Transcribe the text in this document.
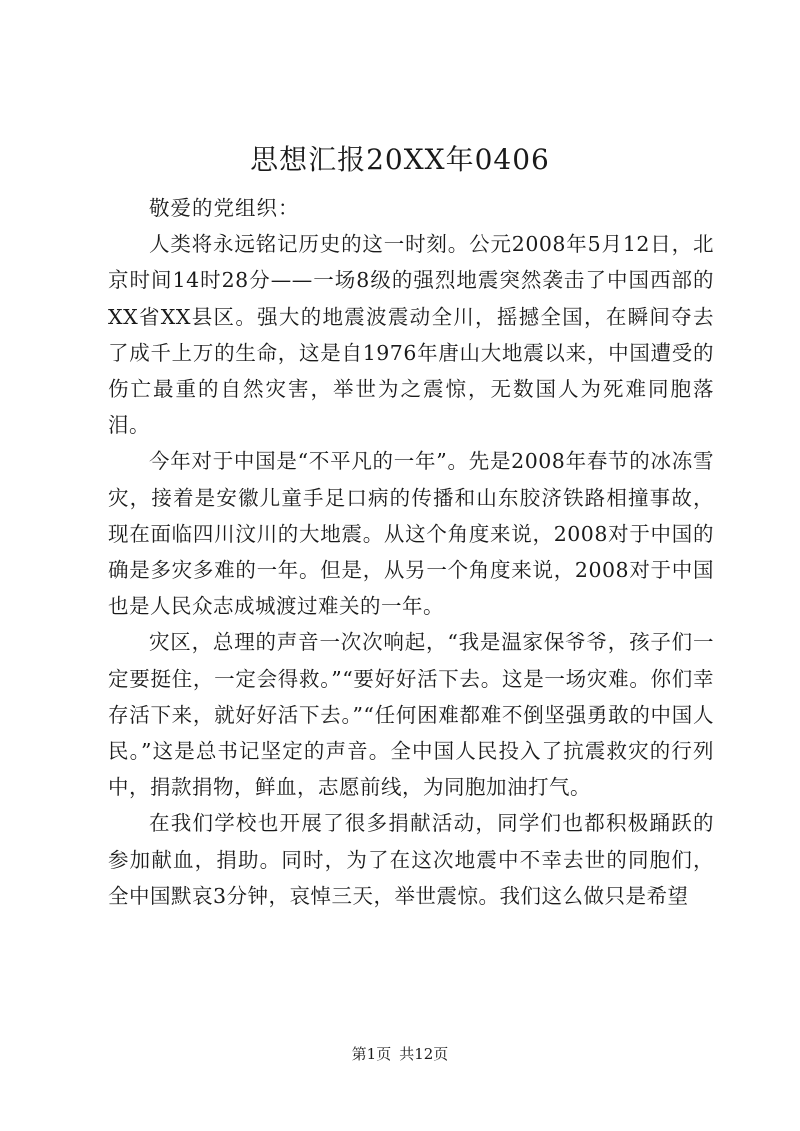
思想汇报20XX年0406

敬爱的党组织：

人类将永远铭记历史的这一时刻。公元2008年5月12日，北京时间14时28分——一场8级的强烈地震突然袭击了中国西部的XX省XX县区。强大的地震波震动全川，摇撼全国，在瞬间夺去了成千上万的生命，这是自1976年唐山大地震以来，中国遭受的伤亡最重的自然灾害，举世为之震惊，无数国人为死难同胞落泪。

今年对于中国是“不平凡的一年”。先是2008年春节的冰冻雪灾，接着是安徽儿童手足口病的传播和山东胶济铁路相撞事故，现在面临四川汶川的大地震。从这个角度来说，2008对于中国的确是多灾多难的一年。但是，从另一个角度来说，2008对于中国也是人民众志成城渡过难关的一年。

灾区，总理的声音一次次响起，“我是温家保爷爷，孩子们一定要挺住，一定会得救。”“要好好活下去。这是一场灾难。你们幸存活下来，就好好活下去。”“任何困难都难不倒坚强勇敢的中国人民。”这是总书记坚定的声音。全中国人民投入了抗震救灾的行列中，捐款捐物，鲜血，志愿前线，为同胞加油打气。

在我们学校也开展了很多捐献活动，同学们也都积极踊跃的参加献血，捐助。同时，为了在这次地震中不幸去世的同胞们，全中国默哀3分钟，哀悼三天，举世震惊。我们这么做只是希望

第1页 共12页
